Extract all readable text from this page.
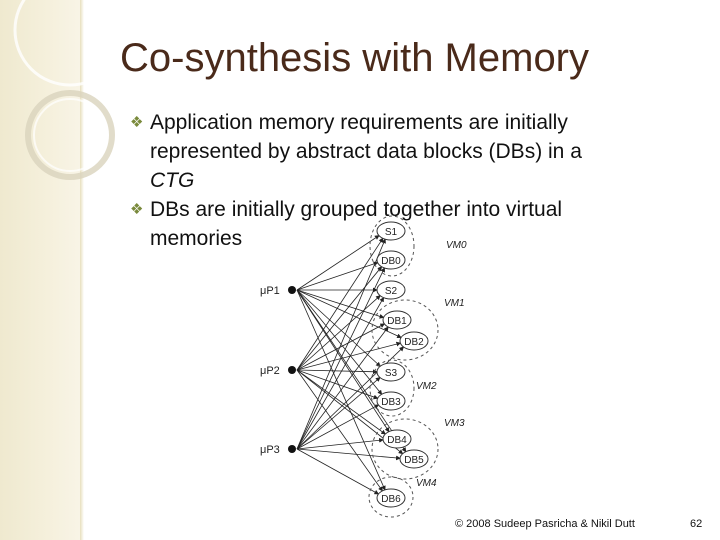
Co-synthesis with Memory
VM0
VM1
VM2
VM3
VM4
μP1
μP2
μP3
S1
DB0
S2
DB1
DB2
S3
DB3
DB4
DB5
DB6
❖ Application memory requirements are initially
represented by abstract data blocks (DBs) in a
CTG
❖ DBs are initially grouped together into virtual
memories
© 2008 Sudeep Pasricha & Nikil Dutt	62
